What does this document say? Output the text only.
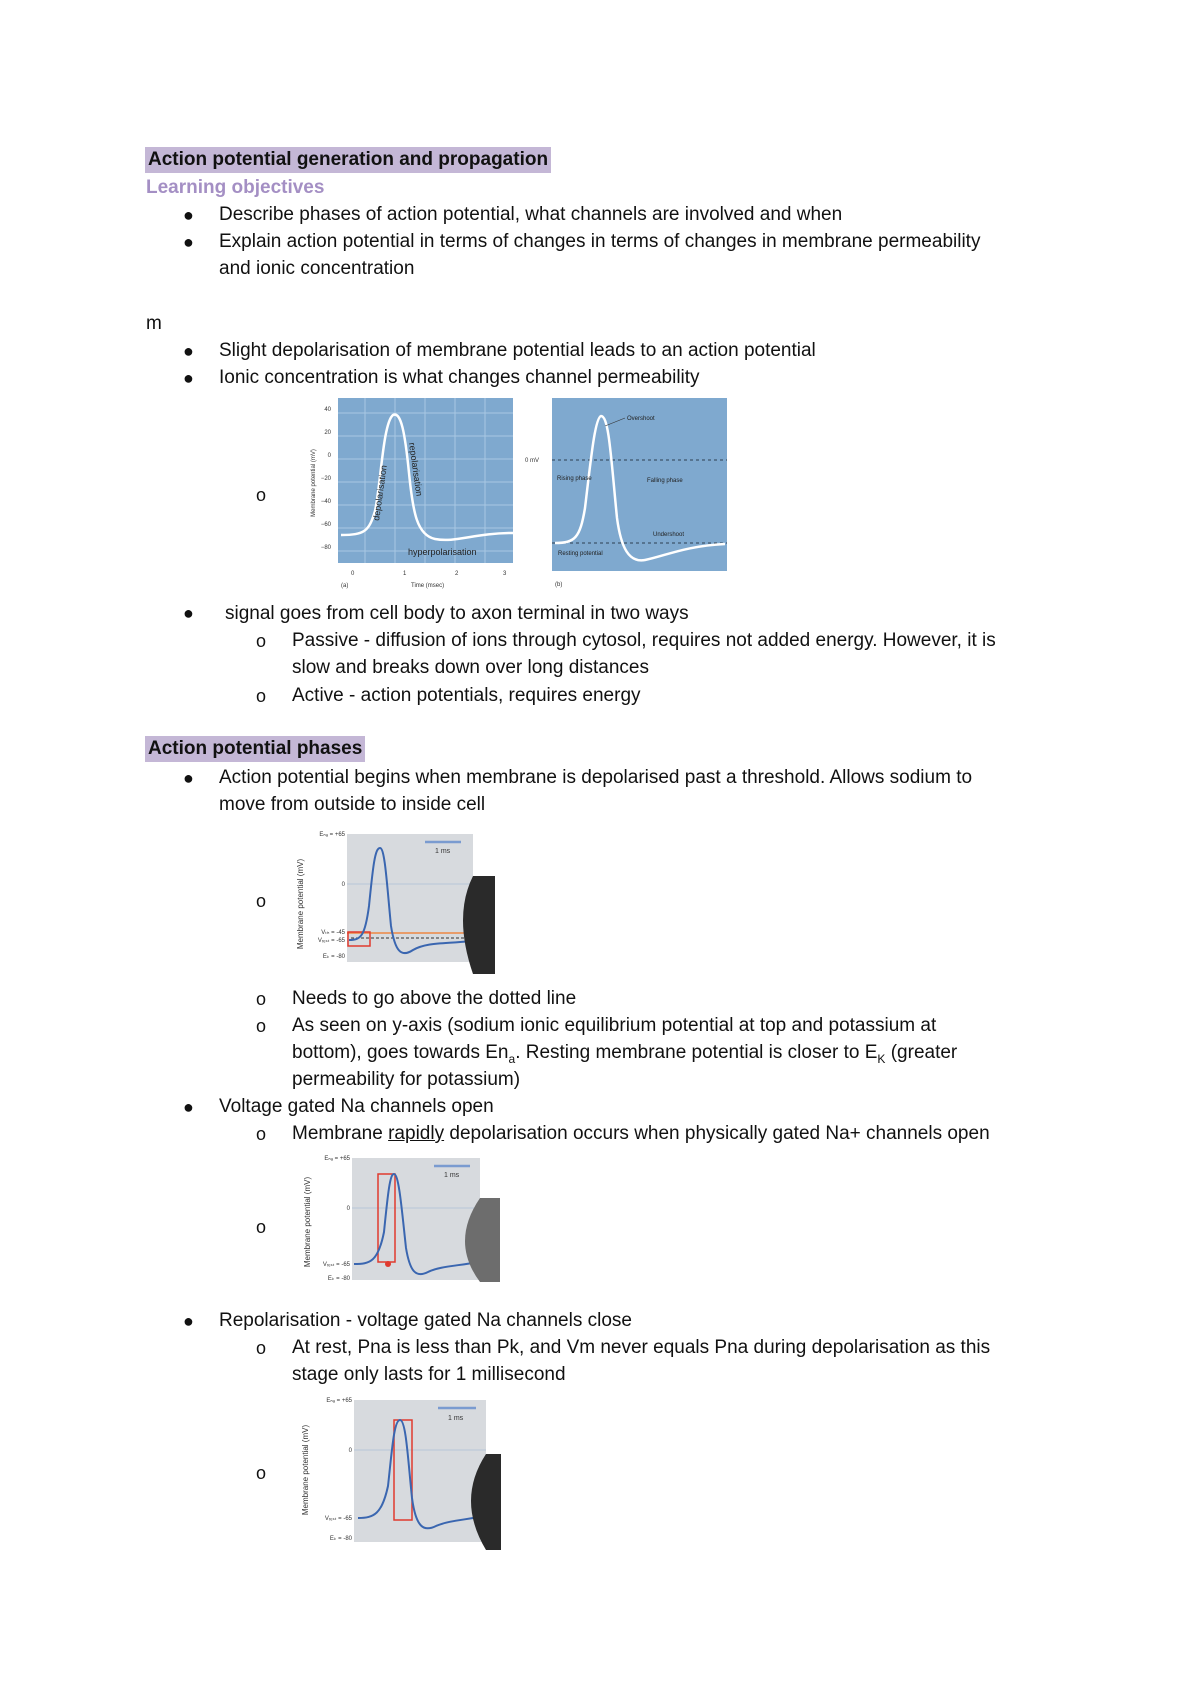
Action potential generation and propagation
Learning objectives
● Describe phases of action potential, what channels are involved and when
● Explain action potential in terms of changes in terms of changes in membrane permeability
and ionic concentration
m
● Slight depolarisation of membrane potential leads to an action potential
● Ionic concentration is what changes channel permeability
o
40
20
0
−20
−40
−60
−80
Membrane potential (mV)
0	1	2	3
Time (msec)
(a)
depolarisation repolarisation
hyperpolarisation
Overshoot
Rising phase	Falling phase
Undershoot
Resting potential
0 mV
(b)
● signal goes from cell body to axon terminal in two ways
o Passive - diffusion of ions through cytosol, requires not added energy. However, it is
slow and breaks down over long distances
o Active - action potentials, requires energy
Action potential phases
● Action potential begins when membrane is depolarised past a threshold. Allows sodium to
move from outside to inside cell
o
1 ms
Eₙₐ = +65
0
Vₜₕ = -45
Vᵣₑₛₜ = -65
Eₖ = -80
Membrane potential (mV)
o Needs to go above the dotted line
o As seen on y-axis (sodium ionic equilibrium potential at top and potassium at
bottom), goes towards $En_a$. Resting membrane potential is closer to $E_K$ (greater
permeability for potassium)
● Voltage gated Na channels open
o Membrane rapidly depolarisation occurs when physically gated Na+ channels open
o
1 ms
Eₙₐ = +65
0
Vᵣₑₛₜ = -65
Eₖ = -80
Membrane potential (mV)
● Repolarisation - voltage gated Na channels close
o At rest, Pna is less than Pk, and Vm never equals Pna during depolarisation as this
stage only lasts for 1 millisecond
o
1 ms
Eₙₐ = +65
0
Vᵣₑₛₜ = -65
Eₖ = -80
Membrane potential (mV)
